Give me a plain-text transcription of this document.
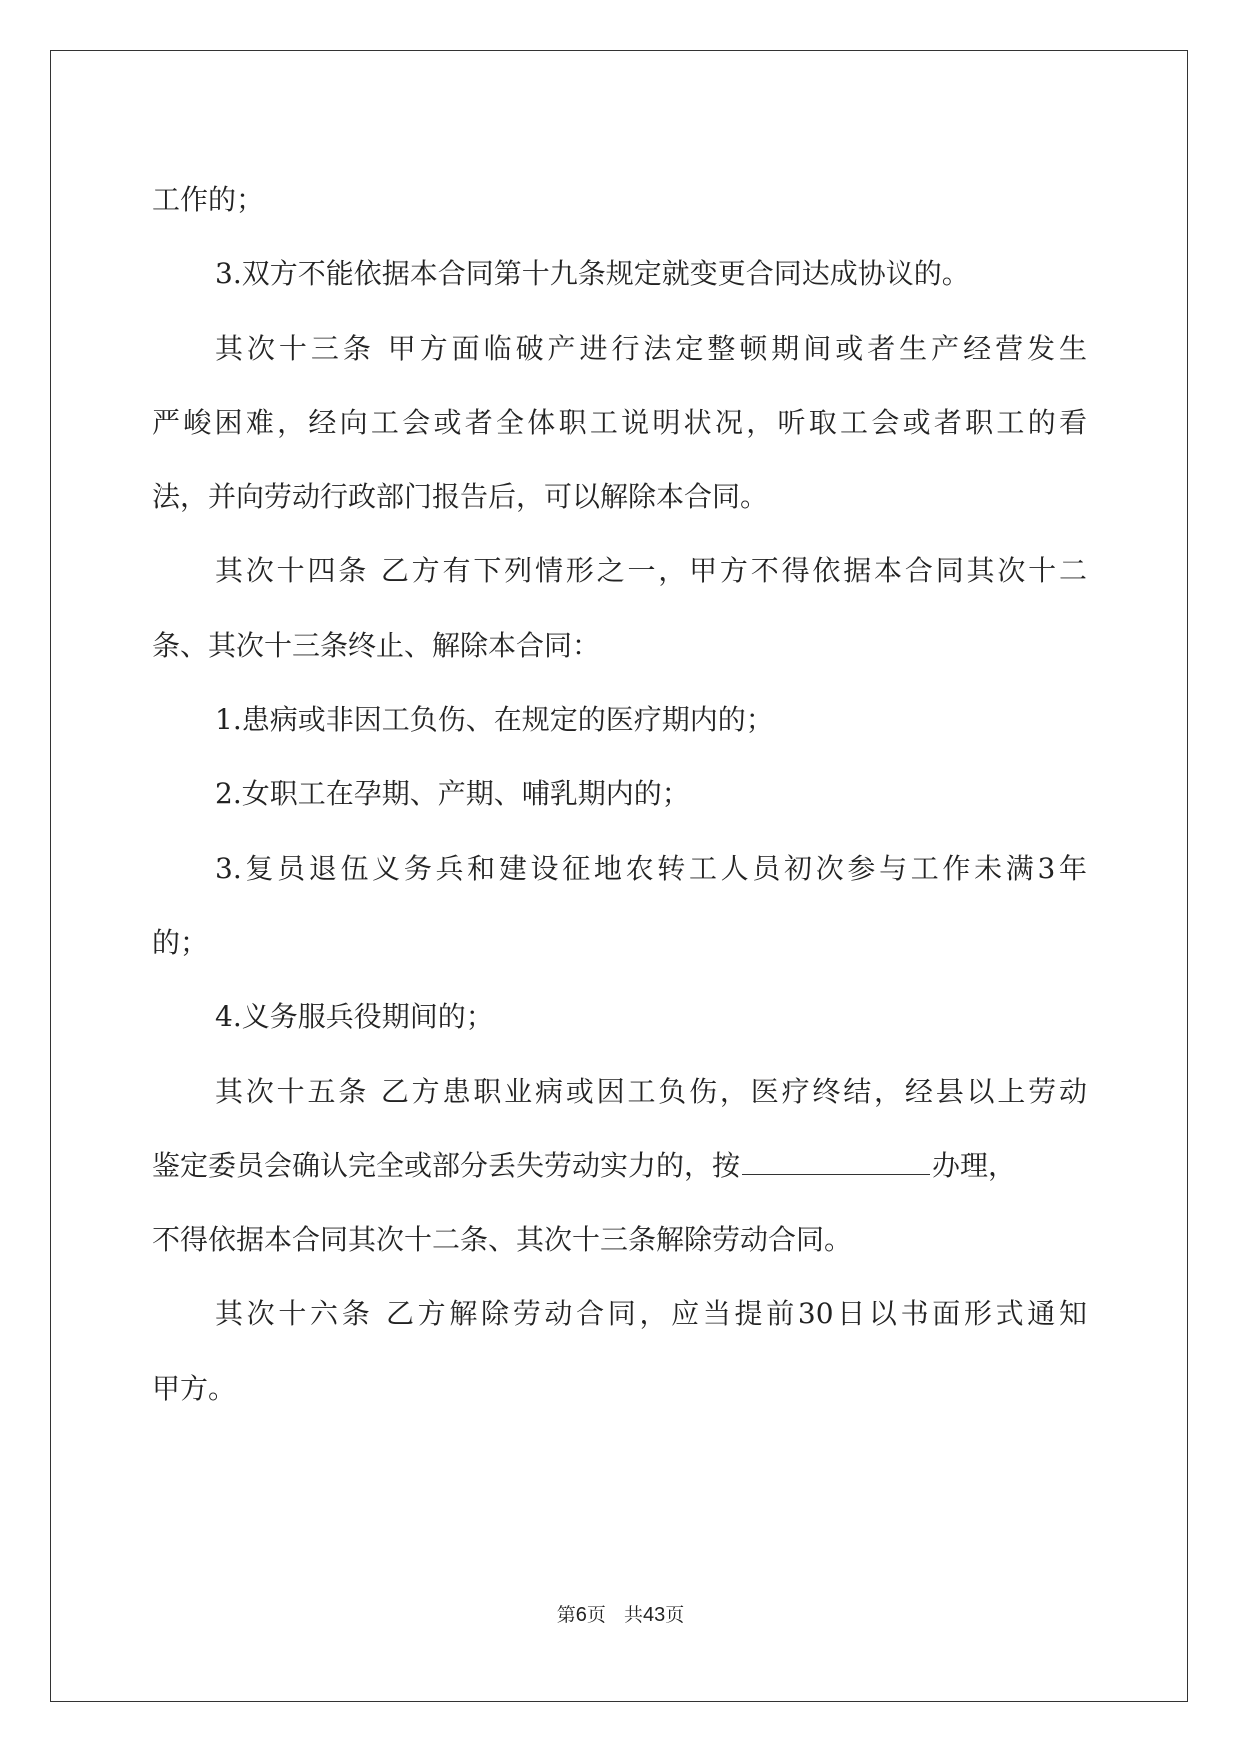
工作的；
3.双方不能依据本合同第十九条规定就变更合同达成协议的。
其次十三条 甲方面临破产进行法定整顿期间或者生产经营发生
严峻困难，经向工会或者全体职工说明状况，听取工会或者职工的看
法，并向劳动行政部门报告后，可以解除本合同。
其次十四条 乙方有下列情形之一，甲方不得依据本合同其次十二
条、其次十三条终止、解除本合同：
1.患病或非因工负伤、在规定的医疗期内的；
2.女职工在孕期、产期、哺乳期内的；
3.复员退伍义务兵和建设征地农转工人员初次参与工作未满3年
的；
4.义务服兵役期间的；
其次十五条 乙方患职业病或因工负伤，医疗终结，经县以上劳动
鉴定委员会确认完全或部分丢失劳动实力的，按	办理，
不得依据本合同其次十二条、其次十三条解除劳动合同。
其次十六条 乙方解除劳动合同，应当提前30日以书面形式通知
甲方。
第6页 共43页
